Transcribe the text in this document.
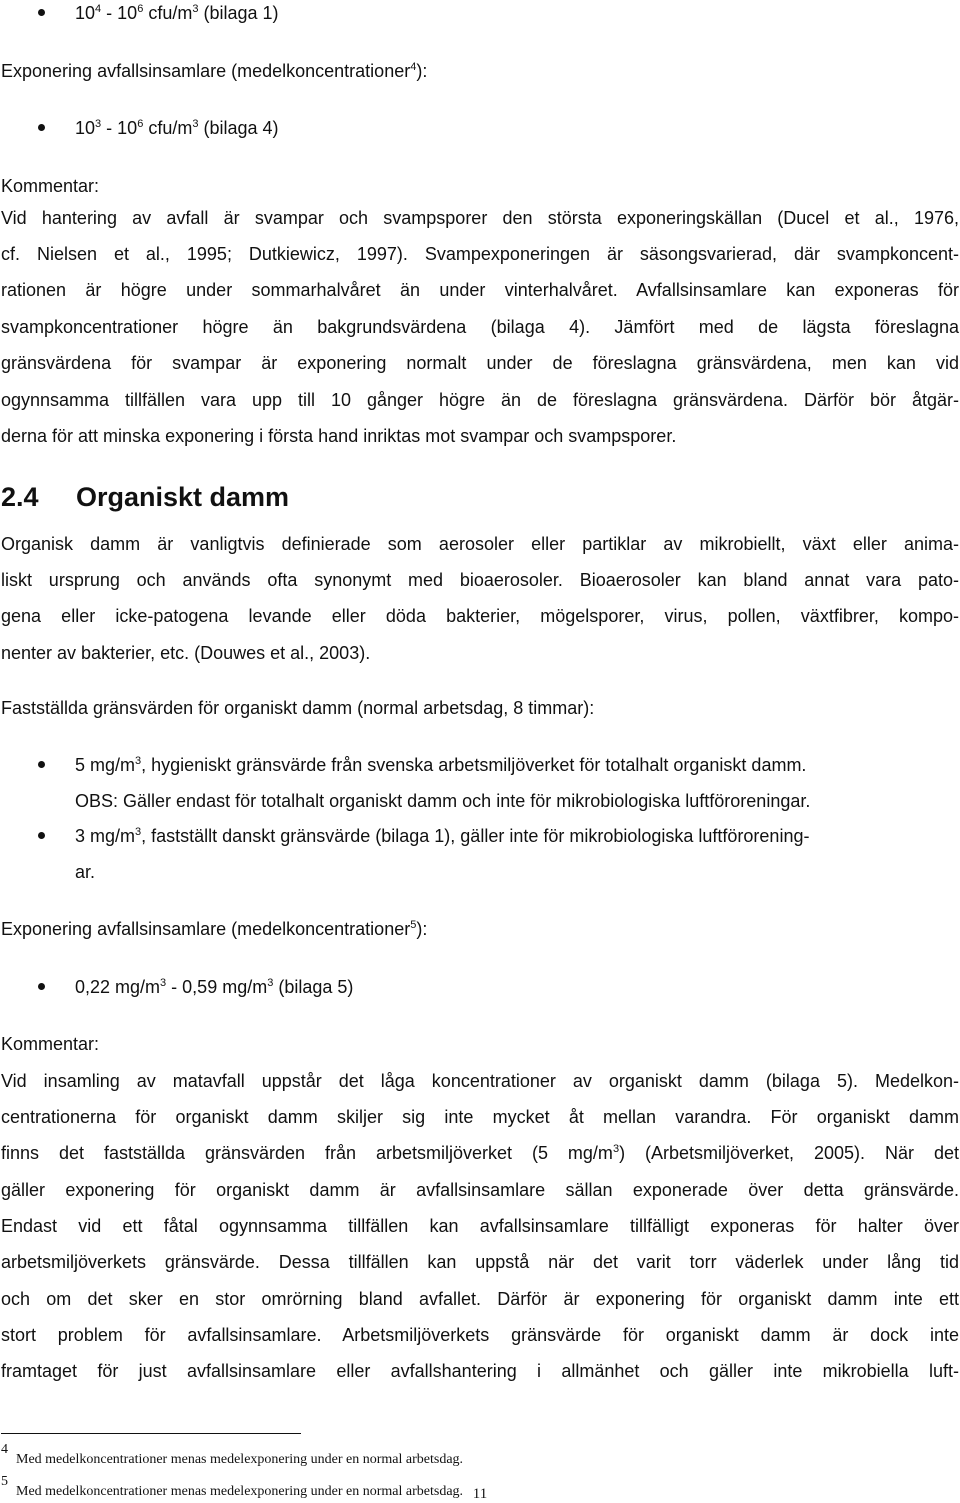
$10^4 - 10^6$ cfu/$m^3$ (bilaga 1)

Exponering avfallsinsamlare (medelkoncentrationer$^4$):

$10^3 - 10^6$ cfu/$m^3$ (bilaga 4)

Kommentar:

Vid hantering av avfall är svampar och svampsporer den största exponeringskällan (Ducel et al., 1976,

cf. Nielsen et al., 1995; Dutkiewicz, 1997). Svampexponeringen är säsongsvarierad, där svampkoncent-

rationen är högre under sommarhalvåret än under vinterhalvåret. Avfallsinsamlare kan exponeras för

svampkoncentrationer högre än bakgrundsvärdena (bilaga 4). Jämfört med de lägsta föreslagna

gränsvärdena för svampar är exponering normalt under de föreslagna gränsvärdena, men kan vid

ogynnsamma tillfällen vara upp till 10 gånger högre än de föreslagna gränsvärdena. Därför bör åtgär-

derna för att minska exponering i första hand inriktas mot svampar och svampsporer.

2.4 Organiskt damm

Organisk damm är vanligtvis definierade som aerosoler eller partiklar av mikrobiellt, växt eller anima-

liskt ursprung och används ofta synonymt med bioaerosoler. Bioaerosoler kan bland annat vara pato-

gena eller icke-patogena levande eller döda bakterier, mögelsporer, virus, pollen, växtfibrer, kompo-

nenter av bakterier, etc. (Douwes et al., 2003).

Fastställda gränsvärden för organiskt damm (normal arbetsdag, 8 timmar):

5 $mg/m^3$, hygieniskt gränsvärde från svenska arbetsmiljöverket för totalhalt organiskt damm.

OBS: Gäller endast för totalhalt organiskt damm och inte för mikrobiologiska luftföroreningar.

3 $mg/m^3$, fastställt danskt gränsvärde (bilaga 1), gäller inte för mikrobiologiska luftförorening-

ar.

Exponering avfallsinsamlare (medelkoncentrationer$^5$):

0,22 $mg/m^3 - 0,59$ $mg/m^3$ (bilaga 5)

Kommentar:

Vid insamling av matavfall uppstår det låga koncentrationer av organiskt damm (bilaga 5). Medelkon-

centrationerna för organiskt damm skiljer sig inte mycket åt mellan varandra. För organiskt damm

finns det fastställda gränsvärden från arbetsmiljöverket (5 $mg/m^3$) (Arbetsmiljöverket, 2005). När det

gäller exponering för organiskt damm är avfallsinsamlare sällan exponerade över detta gränsvärde.

Endast vid ett fåtal ogynnsamma tillfällen kan avfallsinsamlare tillfälligt exponeras för halter över

arbetsmiljöverkets gränsvärde. Dessa tillfällen kan uppstå när det varit torr väderlek under lång tid

och om det sker en stor omrörning bland avfallet. Därför är exponering för organiskt damm inte ett

stort problem för avfallsinsamlare. Arbetsmiljöverkets gränsvärde för organiskt damm är dock inte

framtaget för just avfallsinsamlare eller avfallshantering i allmänhet och gäller inte mikrobiella luft-

4
Med medelkoncentrationer menas medelexponering under en normal arbetsdag.
5
Med medelkoncentrationer menas medelexponering under en normal arbetsdag. 11
